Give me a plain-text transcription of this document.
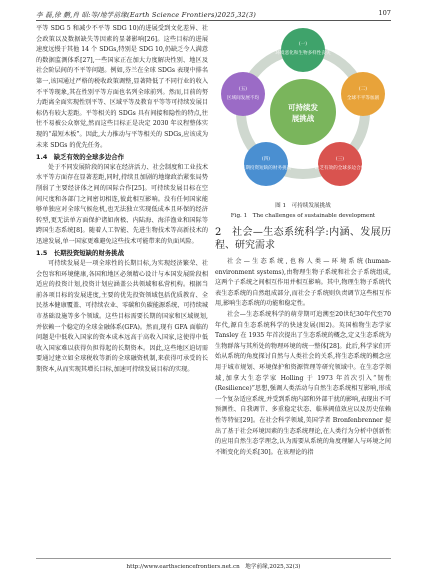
李 磊,徐 鹏,肖 昭:等/地学前缘(Earth Science Frontiers)2025,32(3)	107

平等 SDG 5 和减少不平等 SDG 10)的进展受到文化差异、社会政策以及数据缺失等因素的显著影响[26]。这些目标的进展速度远慢于其他 14 个 SDGs,特别是 SDG 10,仍缺乏令人满意的数据监测体系[27],一些国家正在加大力度解决性别、地区及社会阶层间的不平等问题。例如,芬兰在全球 SDGs 表现中排名第一,该国通过严格的税收政策调整,显著降低了不同行业的收入不平等现象,其在性别平等方面也名列全球前列。然而,目前的努力距离全面实现性别平等、区域平等及教育平等等可持续发展目标仍有较大差距。平等相关的 SDGs 具有间接和隐性的特点,往往不易被公众察觉,然而这些目标正是决定 2030 年议程整体实现的“最短木板”。因此,大力推动与平等相关的 SDGs,应该成为未来 SDGs 的优先任务。

1.4　缺乏有效的全球多边合作

处于不同发展阶段的国家在经济活力、社会制度和工业技术水平等方面存在显著差距,同时,持续且加剧的地缘政治紧张局势削弱了主要经济体之间的国际合作[25]。可持续发展目标在空间尺度和各部门之间密切相连,彼此相互影响。没有任何国家能够单独应对全球气候危机,也无法独立实现低成本且环保的经济转型,更无法单方面保护诸如南极、内陆海、海洋渔业和国际等跨国生态系统[8]。随着人工智能、先进生物技术等高新技术的迅速发展,单一国家更难避免这些技术可能带来的负面风险。

1.5　长期投资短缺的财务挑战

可持续发展是一项全球性的长期目标,为实现经济繁荣、社会包容和环境健康,各国和地区必须精心设计与本国发展阶段相适应的投资计划,投资计划应涵盖公共领域和私营机构。根据当前各项目标的发展进度,主要的优先投资领域包括优质教育、全民基本健康覆盖、可持续农业、零碳和负碳能源系统、可持续城市基础设施等多个领域。这些目标需要长期的国家和区域规划,并依赖一个稳定的全球金融体系(GFA)。然而,现有 GFA 面临的问题是中低收入国家的资本成本远高于高收入国家,这使得中低收入国家难以获得负担得起的长期资本。因此,这些地区迫切需要通过建立如全球税收等新的全球融资机制,来获得可承受的长期资本,从而实现其增长目标,加速可持续发展目标的实现。

可持续发
展挑战
(一)
环境恶化和生物多样性丧失
(二)
全球不平等加剧
(三)
缺乏有效的全球多边合作
(四)
长期投资短缺的财务挑战
(五)
区域间发展不均
图 1　可持续发展挑战
Fig. 1　The challenges of sustainable development
2　社会—生态系统科学:内涵、发展历程、研究需求

社会—生态系统,也称人类—环境系统(human-environment systems),由物理生物子系统和社会子系统组成,这两个子系统之间相互作用并相互影响。其中,物理生物子系统代表生态系统的自然组成部分,而社会子系统则负责调节这些相互作用,影响生态系统的功能和稳定性。

社会—生态系统科学的萌芽期可追溯至20世纪30年代至70年代,源自生态系统科学的快速发展(图2)。英国植物生态学家 Tansley 在 1935 年首次提出了生态系统的概念,定义生态系统为生物群落与其所处的物理环境的统一整体[28]。此后,科学家们开始从系统的角度探讨自然与人类社会的关系,将生态系统的概念应用于城市规划、环境保护和资源管理等研究领域中。在生态学领域,加拿大生态学家 Holling 于 1973 年首次引入“韧性(Resilience)”思想,强调人类活动与自然生态系统相互影响,形成一个复杂适应系统,并受到系统内部和外部干扰的影响,表现出不可预测性、自我调节、多重稳定状态、临界阈值效应以及历史依赖性等特征[29]。在社会科学领域,美国学者 Bronfenbrenner 提出了基于社会环境因素的生态系统理论,在人类行为分析中创新性的应用自然生态学理念,认为需要从系统的角度理解人与环境之间不断变化的关系[30]。在该理论的指

http://www.earthsciencefrontiers.net.cn　地学前缘,2025,32(3)
